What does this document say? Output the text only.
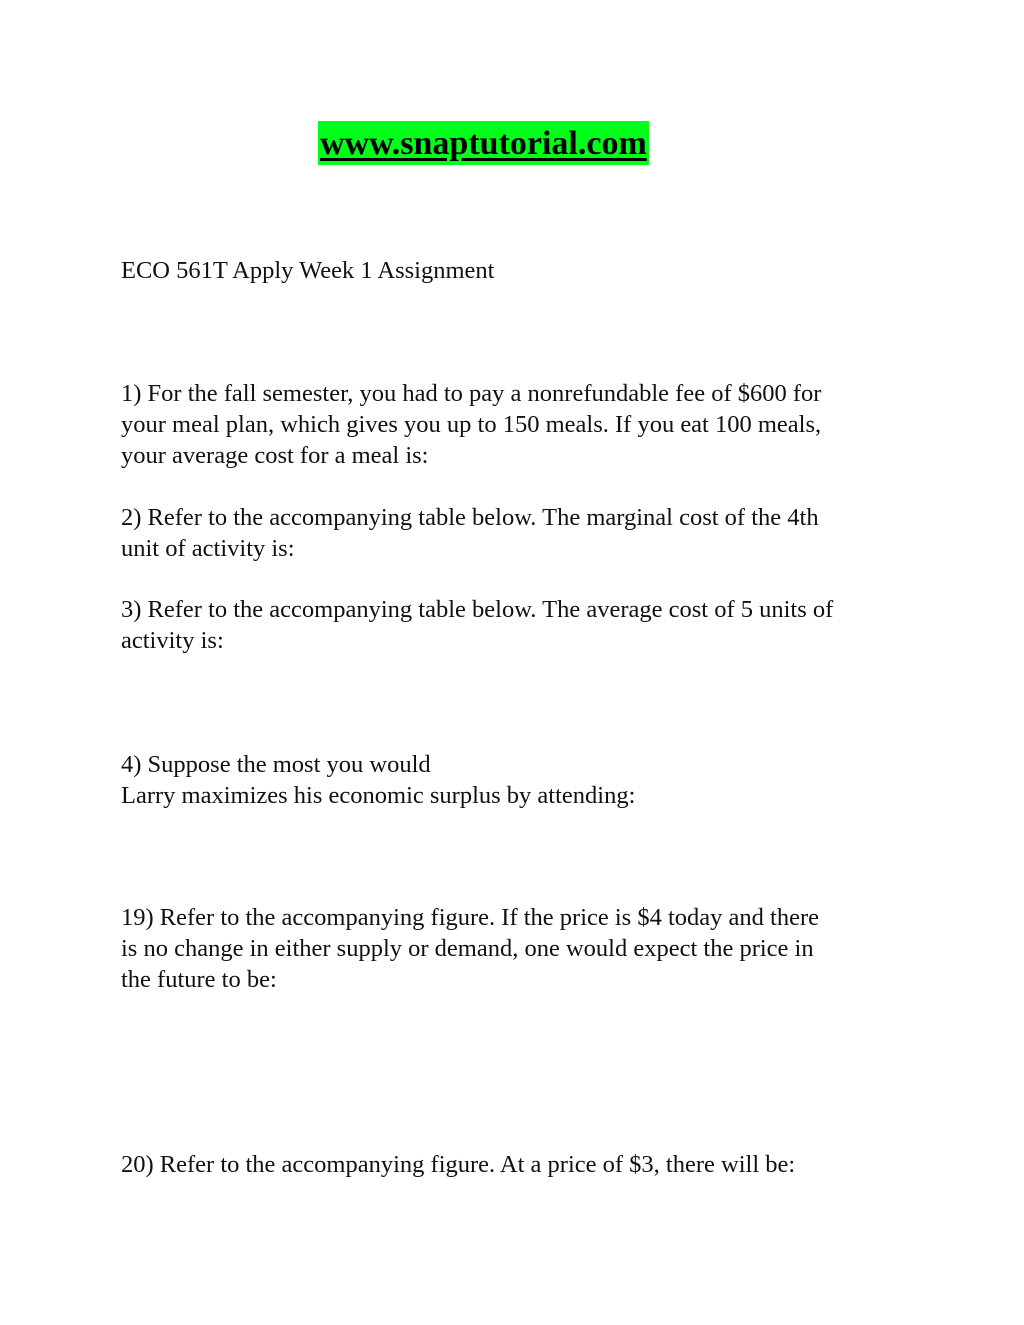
www.snaptutorial.com
ECO 561T Apply Week 1 Assignment

1) For the fall semester, you had to pay a nonrefundable fee of $600 for
your meal plan, which gives you up to 150 meals. If you eat 100 meals,
your average cost for a meal is:

2) Refer to the accompanying table below. The marginal cost of the 4th
unit of activity is:

3) Refer to the accompanying table below. The average cost of 5 units of
activity is:

4) Suppose the most you would
Larry maximizes his economic surplus by attending:

19) Refer to the accompanying figure. If the price is $4 today and there
is no change in either supply or demand, one would expect the price in
the future to be:

20) Refer to the accompanying figure. At a price of $3, there will be:
